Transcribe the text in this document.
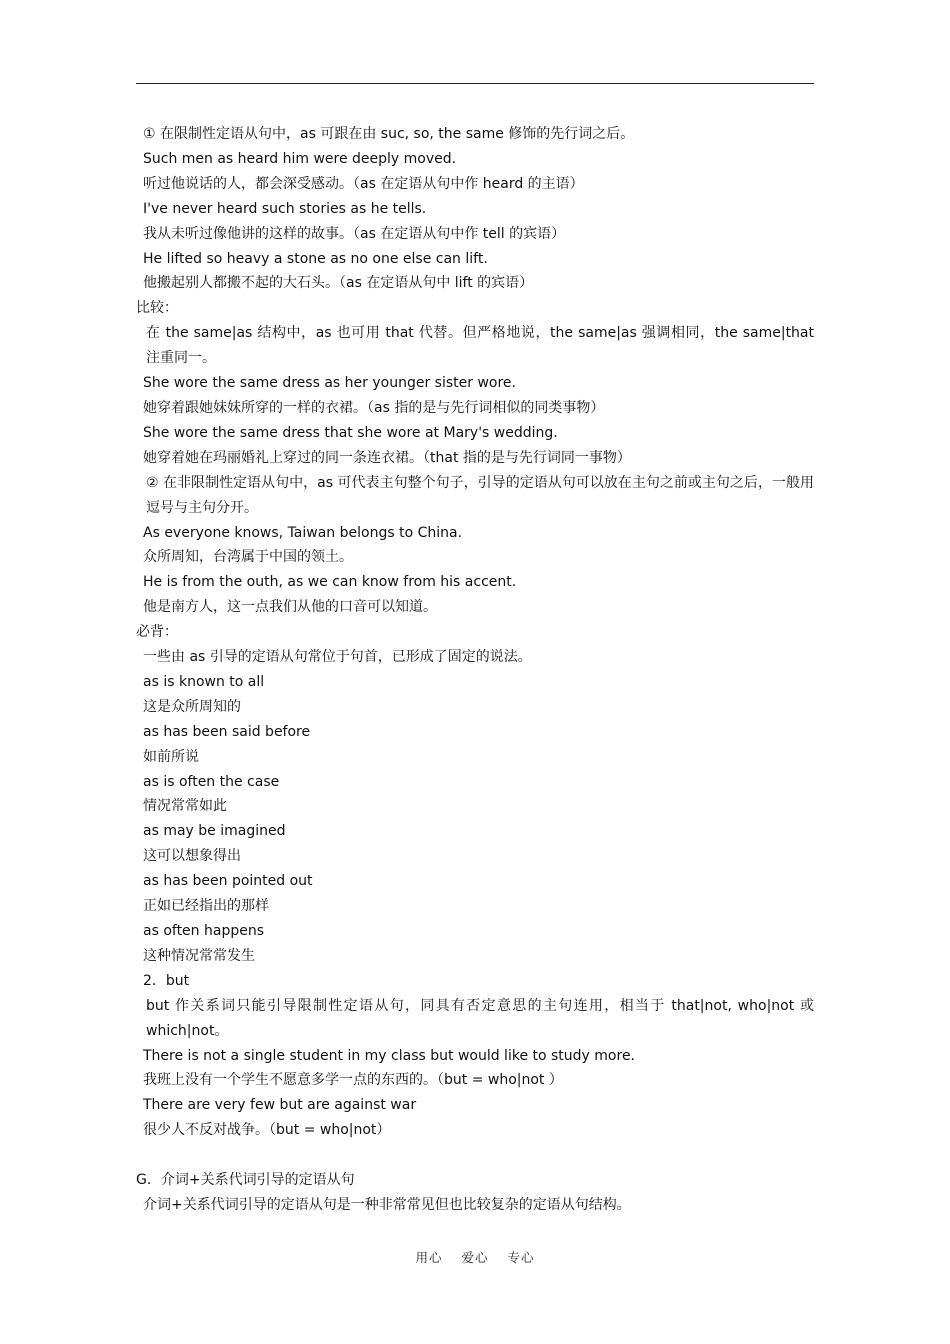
① 在限制性定语从句中，as 可跟在由 suc, so, the same 修饰的先行词之后。
Such men as heard him were deeply moved.
听过他说话的人，都会深受感动。（as 在定语从句中作 heard 的主语）
I've never heard such stories as he tells.
我从未听过像他讲的这样的故事。（as 在定语从句中作 tell 的宾语）
He lifted so heavy a stone as no one else can lift.
他搬起别人都搬不起的大石头。（as 在定语从句中 lift 的宾语）
比较：
在 the same|as 结构中，as 也可用 that 代替。但严格地说，the same|as 强调相同，the same|that 注重同一。
She wore the same dress as her younger sister wore.
她穿着跟她妹妹所穿的一样的衣裙。（as 指的是与先行词相似的同类事物）
She wore the same dress that she wore at Mary's wedding.
她穿着她在玛丽婚礼上穿过的同一条连衣裙。（that 指的是与先行词同一事物）
② 在非限制性定语从句中，as 可代表主句整个句子，引导的定语从句可以放在主句之前或主句之后，一般用逗号与主句分开。
As everyone knows, Taiwan belongs to China.
众所周知，台湾属于中国的领土。
He is from the outh, as we can know from his accent.
他是南方人，这一点我们从他的口音可以知道。
必背：
一些由 as 引导的定语从句常位于句首，已形成了固定的说法。
as is known to all
这是众所周知的
as has been said before
如前所说
as is often the case
情况常常如此
as may be imagined
这可以想象得出
as has been pointed out
正如已经指出的那样
as often happens
这种情况常常发生
2．but
but 作关系词只能引导限制性定语从句，同具有否定意思的主句连用，相当于 that|not, who|not 或 which|not。
There is not a single student in my class but would like to study more.
我班上没有一个学生不愿意多学一点的东西的。（but = who|not ）
There are very few but are against war
很少人不反对战争。（but = who|not）
G．介词+关系代词引导的定语从句
介词+关系代词引导的定语从句是一种非常常见但也比较复杂的定语从句结构。
用心 爱心 专心
